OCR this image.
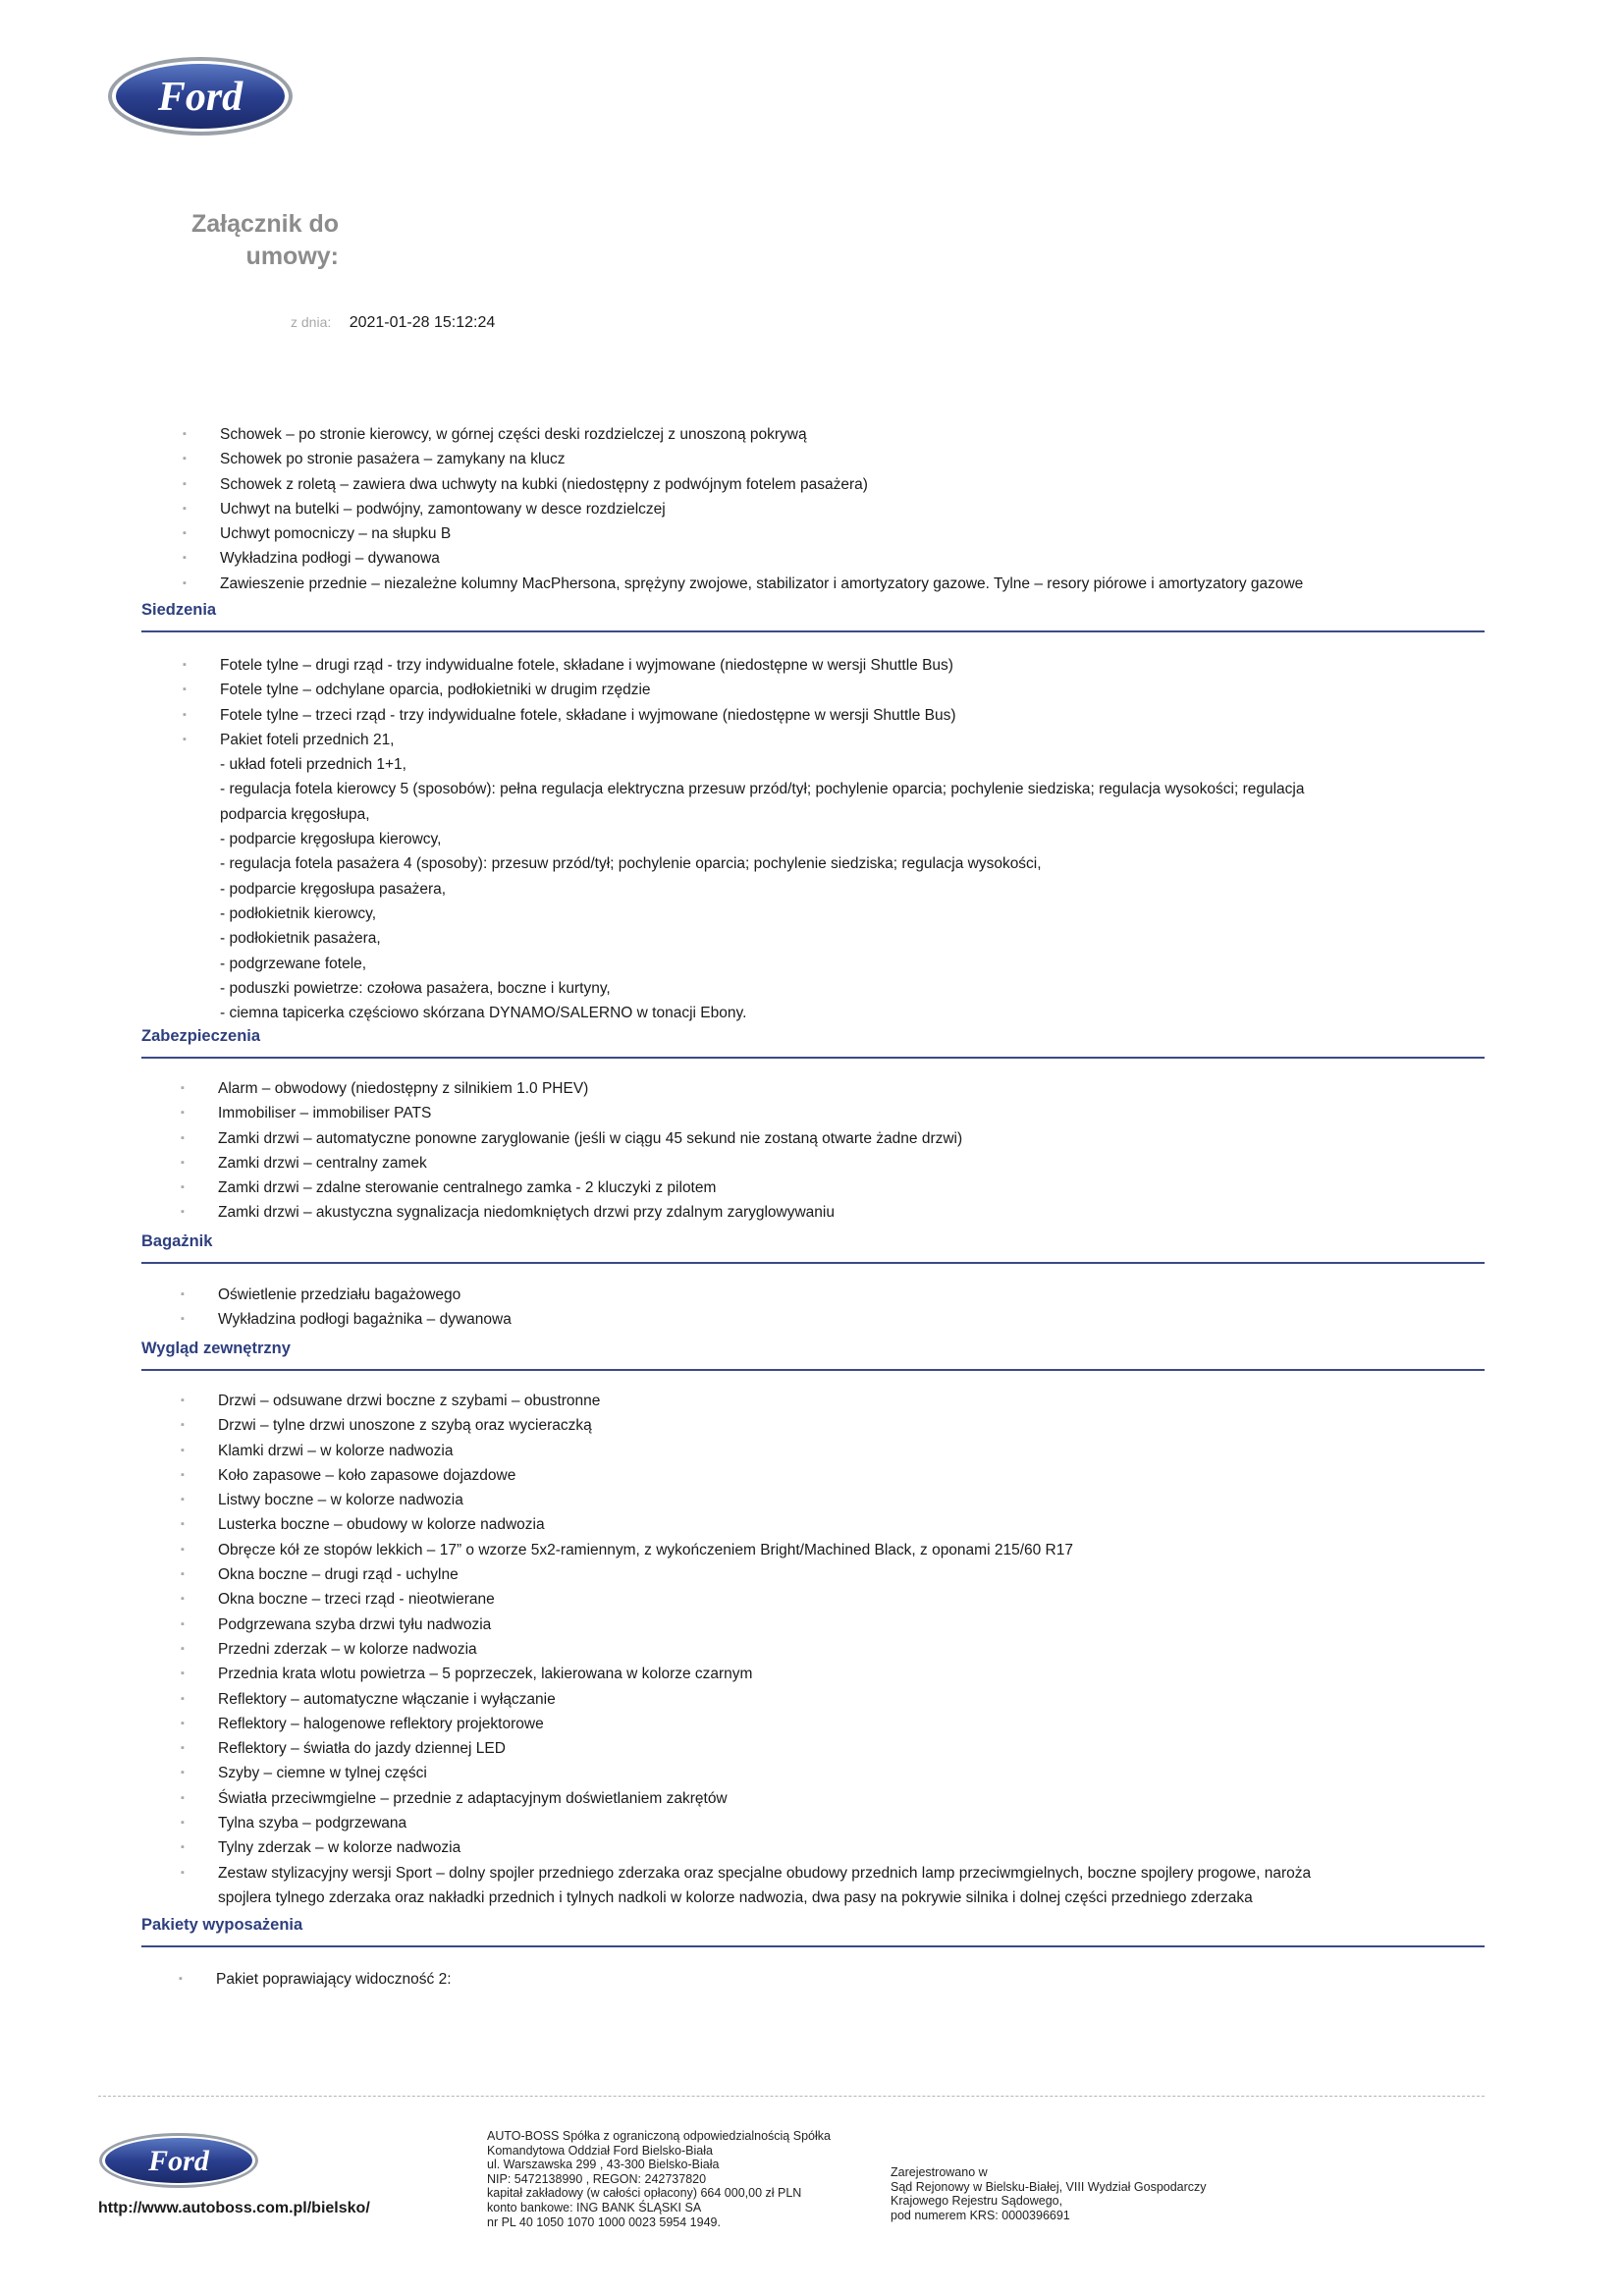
Ford
Załącznik do umowy:
z dnia: 2021-01-28 15:12:24
▪ Schowek – po stronie kierowcy, w górnej części deski rozdzielczej z unoszoną pokrywą
▪ Schowek po stronie pasażera – zamykany na klucz
▪ Schowek z roletą – zawiera dwa uchwyty na kubki (niedostępny z podwójnym fotelem pasażera)
▪ Uchwyt na butelki – podwójny, zamontowany w desce rozdzielczej
▪ Uchwyt pomocniczy – na słupku B
▪ Wykładzina podłogi – dywanowa
▪ Zawieszenie przednie – niezależne kolumny MacPhersona, sprężyny zwojowe, stabilizator i amortyzatory gazowe. Tylne – resory piórowe i amortyzatory gazowe
Siedzenia
▪ Fotele tylne – drugi rząd - trzy indywidualne fotele, składane i wyjmowane (niedostępne w wersji Shuttle Bus)
▪ Fotele tylne – odchylane oparcia, podłokietniki w drugim rzędzie
▪ Fotele tylne – trzeci rząd - trzy indywidualne fotele, składane i wyjmowane (niedostępne w wersji Shuttle Bus)
▪ Pakiet foteli przednich 21,
- układ foteli przednich 1+1,
- regulacja fotela kierowcy 5 (sposobów): pełna regulacja elektryczna przesuw przód/tył; pochylenie oparcia; pochylenie siedziska; regulacja wysokości; regulacja
podparcia kręgosłupa,
- podparcie kręgosłupa kierowcy,
- regulacja fotela pasażera 4 (sposoby): przesuw przód/tył; pochylenie oparcia; pochylenie siedziska; regulacja wysokości,
- podparcie kręgosłupa pasażera,
- podłokietnik kierowcy,
- podłokietnik pasażera,
- podgrzewane fotele,
- poduszki powietrze: czołowa pasażera, boczne i kurtyny,
- ciemna tapicerka częściowo skórzana DYNAMO/SALERNO w tonacji Ebony.
Zabezpieczenia
▪ Alarm – obwodowy (niedostępny z silnikiem 1.0 PHEV)
▪ Immobiliser – immobiliser PATS
▪ Zamki drzwi – automatyczne ponowne zaryglowanie (jeśli w ciągu 45 sekund nie zostaną otwarte żadne drzwi)
▪ Zamki drzwi – centralny zamek
▪ Zamki drzwi – zdalne sterowanie centralnego zamka - 2 kluczyki z pilotem
▪ Zamki drzwi – akustyczna sygnalizacja niedomkniętych drzwi przy zdalnym zaryglowywaniu
Bagażnik
▪ Oświetlenie przedziału bagażowego
▪ Wykładzina podłogi bagażnika – dywanowa
Wygląd zewnętrzny
▪ Drzwi – odsuwane drzwi boczne z szybami – obustronne
▪ Drzwi – tylne drzwi unoszone z szybą oraz wycieraczką
▪ Klamki drzwi – w kolorze nadwozia
▪ Koło zapasowe – koło zapasowe dojazdowe
▪ Listwy boczne – w kolorze nadwozia
▪ Lusterka boczne – obudowy w kolorze nadwozia
▪ Obręcze kół ze stopów lekkich – 17” o wzorze 5x2-ramiennym, z wykończeniem Bright/Machined Black, z oponami 215/60 R17
▪ Okna boczne – drugi rząd - uchylne
▪ Okna boczne – trzeci rząd - nieotwierane
▪ Podgrzewana szyba drzwi tyłu nadwozia
▪ Przedni zderzak – w kolorze nadwozia
▪ Przednia krata wlotu powietrza – 5 poprzeczek, lakierowana w kolorze czarnym
▪ Reflektory – automatyczne włączanie i wyłączanie
▪ Reflektory – halogenowe reflektory projektorowe
▪ Reflektory – światła do jazdy dziennej LED
▪ Szyby – ciemne w tylnej części
▪ Światła przeciwmgielne – przednie z adaptacyjnym doświetlaniem zakrętów
▪ Tylna szyba – podgrzewana
▪ Tylny zderzak – w kolorze nadwozia
▪ Zestaw stylizacyjny wersji Sport – dolny spojler przedniego zderzaka oraz specjalne obudowy przednich lamp przeciwmgielnych, boczne spojlery progowe, naroża
spojlera tylnego zderzaka oraz nakładki przednich i tylnych nadkoli w kolorze nadwozia, dwa pasy na pokrywie silnika i dolnej części przedniego zderzaka
Pakiety wyposażenia
▪ Pakiet poprawiający widoczność 2:
Ford
http://www.autoboss.com.pl/bielsko/
AUTO-BOSS Spółka z ograniczoną odpowiedzialnością Spółka
Komandytowa Oddział Ford Bielsko-Biała
ul. Warszawska 299 , 43-300 Bielsko-Biała
NIP: 5472138990 , REGON: 242737820
kapitał zakładowy (w całości opłacony) 664 000,00 zł PLN
konto bankowe: ING BANK ŚLĄSKI SA
nr PL 40 1050 1070 1000 0023 5954 1949.
Zarejestrowano w
Sąd Rejonowy w Bielsku-Białej, VIII Wydział Gospodarczy
Krajowego Rejestru Sądowego,
pod numerem KRS: 0000396691
